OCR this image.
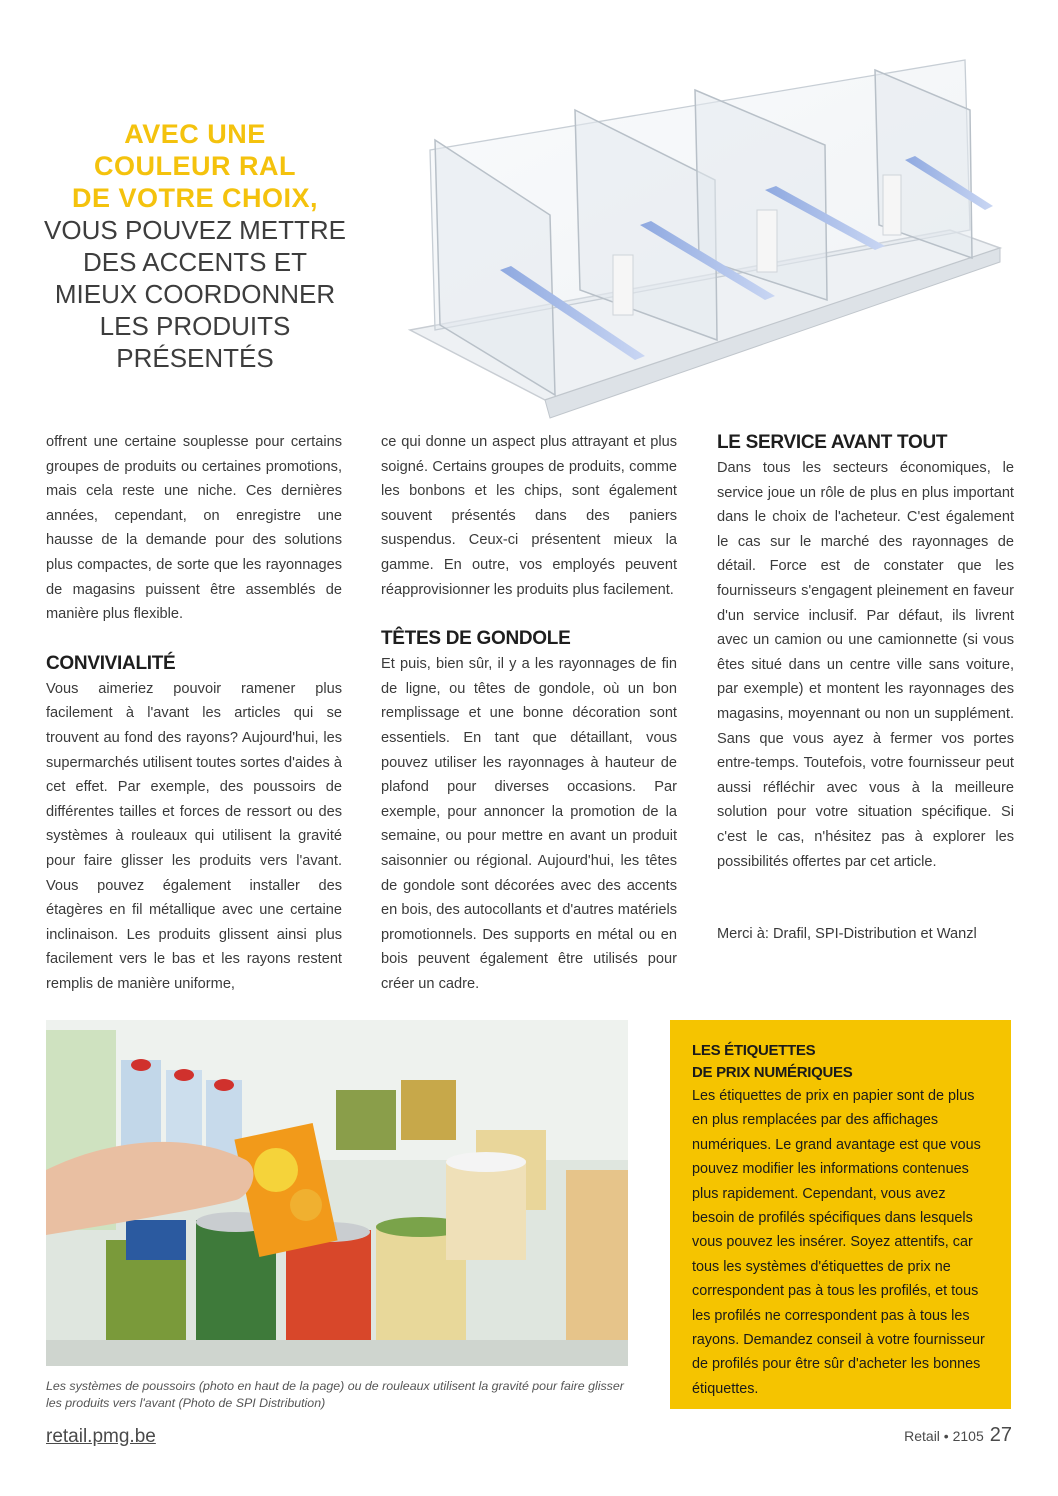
AVEC UNE
COULEUR RAL
DE VOTRE CHOIX,
VOUS POUVEZ METTRE
DES ACCENTS ET
MIEUX COORDONNER
LES PRODUITS
PRÉSENTÉS

offrent une certaine souplesse pour certains groupes de produits ou certaines promotions, mais cela reste une niche. Ces dernières années, cependant, on enregistre une hausse de la demande pour des solutions plus compactes, de sorte que les rayonnages de magasins puissent être assemblés de manière plus flexible.

CONVIVIALITÉ

Vous aimeriez pouvoir ramener plus facilement à l'avant les articles qui se trouvent au fond des rayons? Aujourd'hui, les supermarchés utilisent toutes sortes d'aides à cet effet. Par exemple, des poussoirs de différentes tailles et forces de ressort ou des systèmes à rouleaux qui utilisent la gravité pour faire glisser les produits vers l'avant. Vous pouvez également installer des étagères en fil métallique avec une certaine inclinaison. Les produits glissent ainsi plus facilement vers le bas et les rayons restent remplis de manière uniforme,

ce qui donne un aspect plus attrayant et plus soigné. Certains groupes de produits, comme les bonbons et les chips, sont également souvent présentés dans des paniers suspendus. Ceux-ci présentent mieux la gamme. En outre, vos employés peuvent réapprovisionner les produits plus facilement.

TÊTES DE GONDOLE

Et puis, bien sûr, il y a les rayonnages de fin de ligne, ou têtes de gondole, où un bon remplissage et une bonne décoration sont essentiels. En tant que détaillant, vous pouvez utiliser les rayonnages à hauteur de plafond pour diverses occasions. Par exemple, pour annoncer la promotion de la semaine, ou pour mettre en avant un produit saisonnier ou régional. Aujourd'hui, les têtes de gondole sont décorées avec des accents en bois, des autocollants et d'autres matériels promotionnels. Des supports en métal ou en bois peuvent également être utilisés pour créer un cadre.

LE SERVICE AVANT TOUT

Dans tous les secteurs économiques, le service joue un rôle de plus en plus important dans le choix de l'acheteur. C'est également le cas sur le marché des rayonnages de détail. Force est de constater que les fournisseurs s'engagent pleinement en faveur d'un service inclusif. Par défaut, ils livrent avec un camion ou une camionnette (si vous êtes situé dans un centre ville sans voiture, par exemple) et montent les rayonnages des magasins, moyennant ou non un supplément. Sans que vous ayez à fermer vos portes entre-temps. Toutefois, votre fournisseur peut aussi réfléchir avec vous à la meilleure solution pour votre situation spécifique. Si c'est le cas, n'hésitez pas à explorer les possibilités offertes par cet article.

Merci à: Drafil, SPI-Distribution et Wanzl

Les systèmes de poussoirs (photo en haut de la page) ou de rouleaux utilisent la gravité pour faire glisser les produits vers l'avant (Photo de SPI Distribution)
LES ÉTIQUETTES
DE PRIX NUMÉRIQUES

Les étiquettes de prix en papier sont de plus en plus remplacées par des affichages numériques. Le grand avantage est que vous pouvez modifier les informations contenues plus rapidement. Cependant, vous avez besoin de profilés spécifiques dans lesquels vous pouvez les insérer. Soyez attentifs, car tous les systèmes d'étiquettes de prix ne correspondent pas à tous les profilés, et tous les profilés ne correspondent pas à tous les rayons. Demandez conseil à votre fournisseur de profilés pour être sûr d'acheter les bonnes étiquettes.

retail.pmg.be	Retail • 2105 27
